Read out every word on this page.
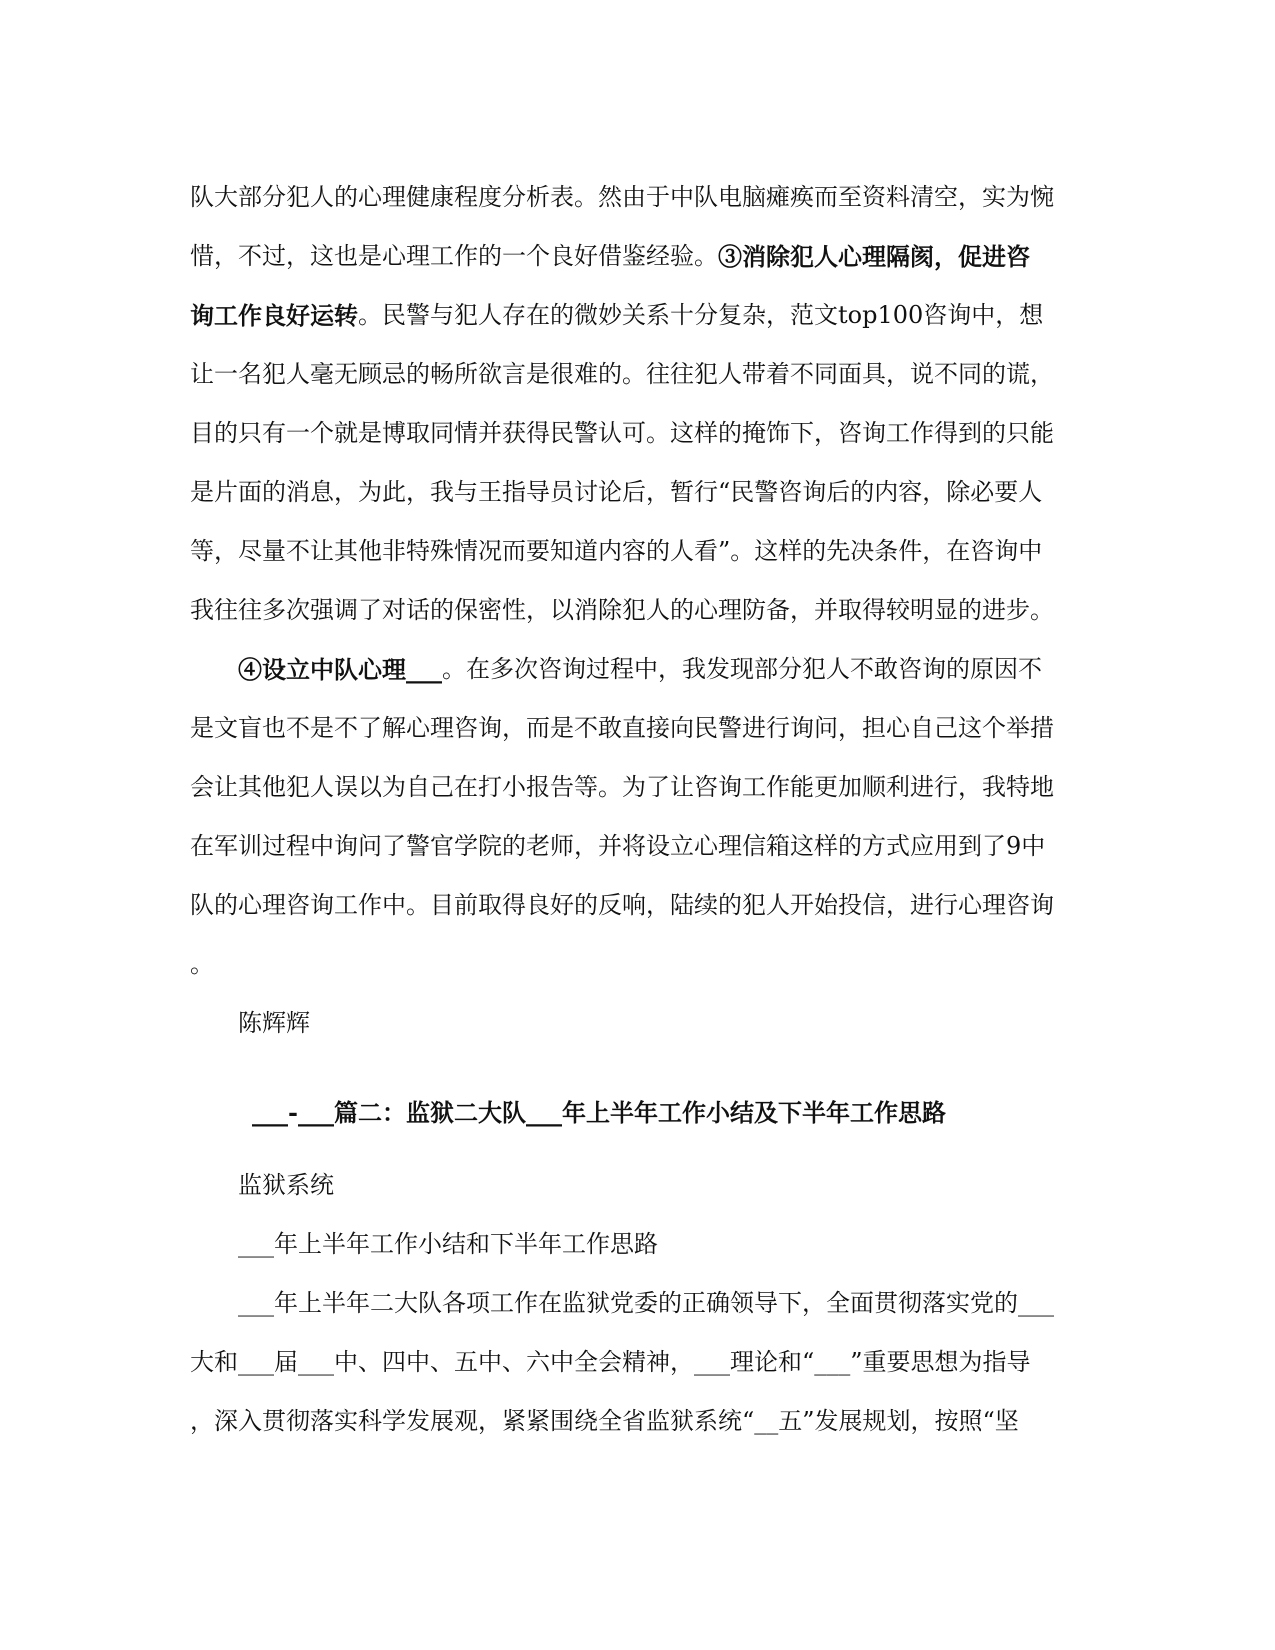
队大部分犯人的心理健康程度分析表。然由于中队电脑瘫痪而至资料清空，实为惋
惜，不过，这也是心理工作的一个良好借鉴经验。 ③消除犯人心理隔阂，促进咨
询工作良好运转 。民警与犯人存在的微妙关系十分复杂，范文top100咨询中，想
让一名犯人毫无顾忌的畅所欲言是很难的。往往犯人带着不同面具，说不同的谎，
目的只有一个就是博取同情并获得民警认可。这样的掩饰下，咨询工作得到的只能
是片面的消息，为此，我与王指导员讨论后，暂行“民警咨询后的内容，除必要人
等，尽量不让其他非特殊情况而要知道内容的人看”。这样的先决条件，在咨询中
我往往多次强调了对话的保密性，以消除犯人的心理防备，并取得较明显的进步。
④设立中队心理___ 。在多次咨询过程中，我发现部分犯人不敢咨询的原因不
是文盲也不是不了解心理咨询，而是不敢直接向民警进行询问，担心自己这个举措
会让其他犯人误以为自己在打小报告等。为了让咨询工作能更加顺利进行，我特地
在军训过程中询问了警官学院的老师，并将设立心理信箱这样的方式应用到了9中
队的心理咨询工作中。目前取得良好的反响，陆续的犯人开始投信，进行心理咨询
。
陈辉辉
___-___篇二：监狱二大队___年上半年工作小结及下半年工作思路
监狱系统
___年上半年工作小结和下半年工作思路
___年上半年二大队各项工作在监狱党委的正确领导下，全面贯彻落实党的___
大和___届___中、四中、五中、六中全会精神，___理论和“___”重要思想为指导
，深入贯彻落实科学发展观，紧紧围绕全省监狱系统“__五”发展规划，按照“坚
